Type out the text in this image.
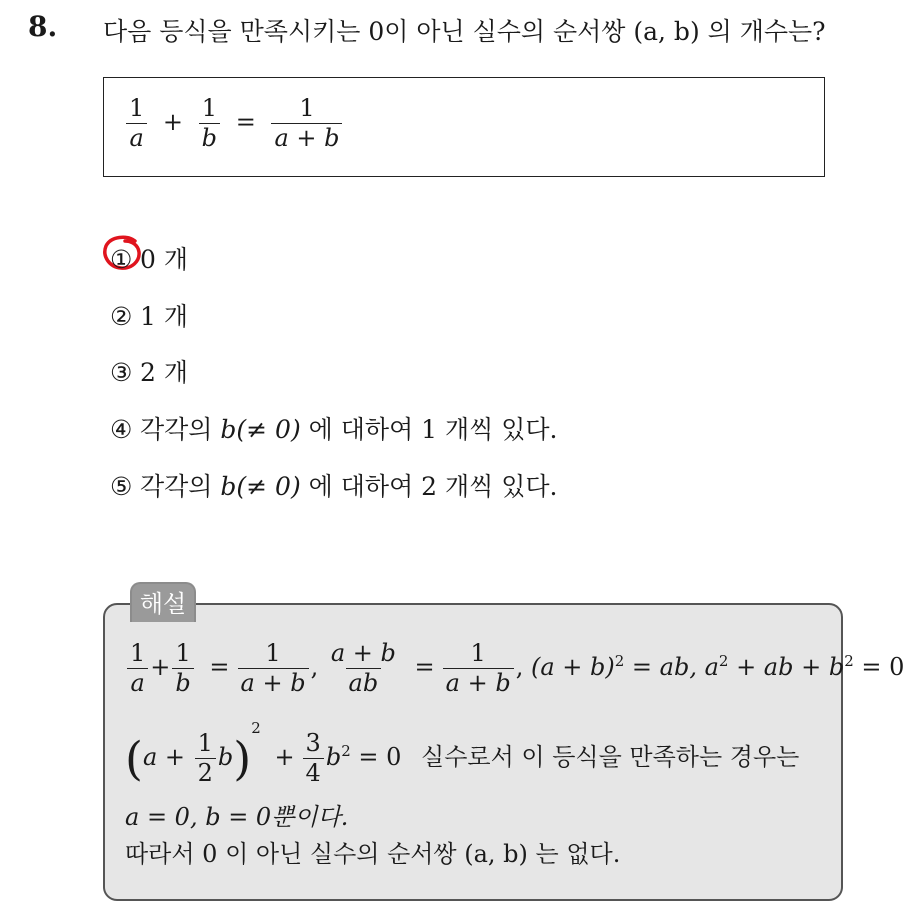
8. 다음 등식을 만족시키는 0이 아닌 실수의 순서쌍 (a, b) 의 개수는?
$\frac{1}{a} + \frac{1}{b} = \frac{1}{a + b}$
① 0 개
② 1 개
③ 2 개
④ 각각의 b(≠ 0) 에 대하여 1 개씩 있다.
⑤ 각각의 b(≠ 0) 에 대하여 2 개씩 있다.
해설
$\frac{1}{a} + \frac{1}{b} = \frac{1}{a + b}$ , $\frac{a + b}{ab} = \frac{1}{a + b}$ , $(a + b)^2$ = ab, $a^2$ + ab + $b^2 = 0$
$(a + \frac{1}{2} b)^2 + \frac{3}{4} b^2 = 0$ 실수로서 이 등식을 만족하는 경우는
a = 0, b = 0뿐이다.
따라서 0 이 아닌 실수의 순서쌍 (a, b) 는 없다.
